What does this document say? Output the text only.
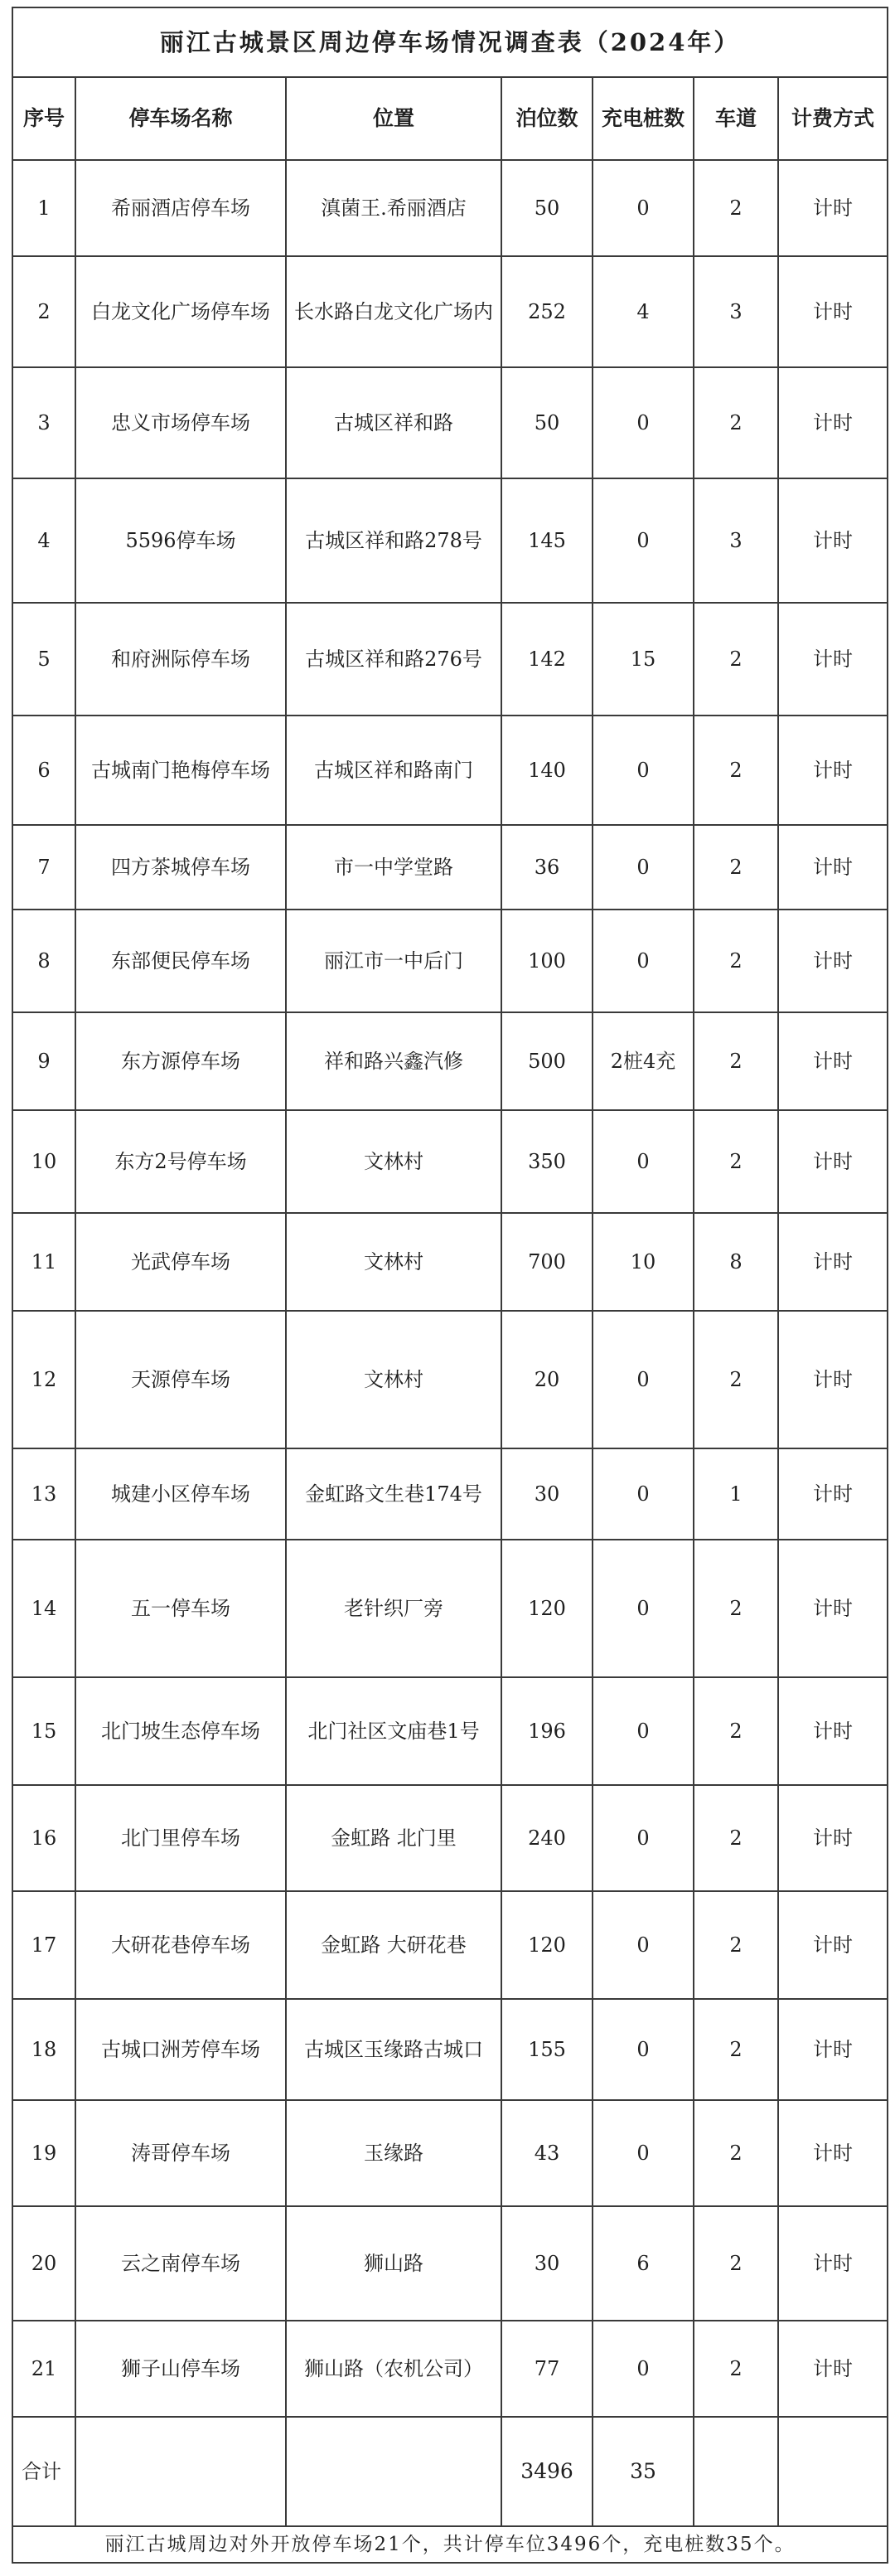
丽江古城景区周边停车场情况调查表（2024年）						
序号	停车场名称	位置	泊位数	充电桩数	车道	计费方式
1	希丽酒店停车场	滇菌王.希丽酒店	50	0	2	计时
2	白龙文化广场停车场	长水路白龙文化广场内	252	4	3	计时
3	忠义市场停车场	古城区祥和路	50	0	2	计时
4	5596停车场	古城区祥和路278号	145	0	3	计时
5	和府洲际停车场	古城区祥和路276号	142	15	2	计时
6	古城南门艳梅停车场	古城区祥和路南门	140	0	2	计时
7	四方茶城停车场	市一中学堂路	36	0	2	计时
8	东部便民停车场	丽江市一中后门	100	0	2	计时
9	东方源停车场	祥和路兴鑫汽修	500	2桩4充	2	计时
10	东方2号停车场	文林村	350	0	2	计时
11	光武停车场	文林村	700	10	8	计时
12	天源停车场	文林村	20	0	2	计时
13	城建小区停车场	金虹路文生巷174号	30	0	1	计时
14	五一停车场	老针织厂旁	120	0	2	计时
15	北门坡生态停车场	北门社区文庙巷1号	196	0	2	计时
16	北门里停车场	金虹路 北门里	240	0	2	计时
17	大研花巷停车场	金虹路 大研花巷	120	0	2	计时
18	古城口洲芳停车场	古城区玉缘路古城口	155	0	2	计时
19	涛哥停车场	玉缘路	43	0	2	计时
20	云之南停车场	狮山路	30	6	2	计时
21	狮子山停车场	狮山路（农机公司）	77	0	2	计时
合计			3496	35		
丽江古城周边对外开放停车场21个，共计停车位3496个，充电桩数35个。						
